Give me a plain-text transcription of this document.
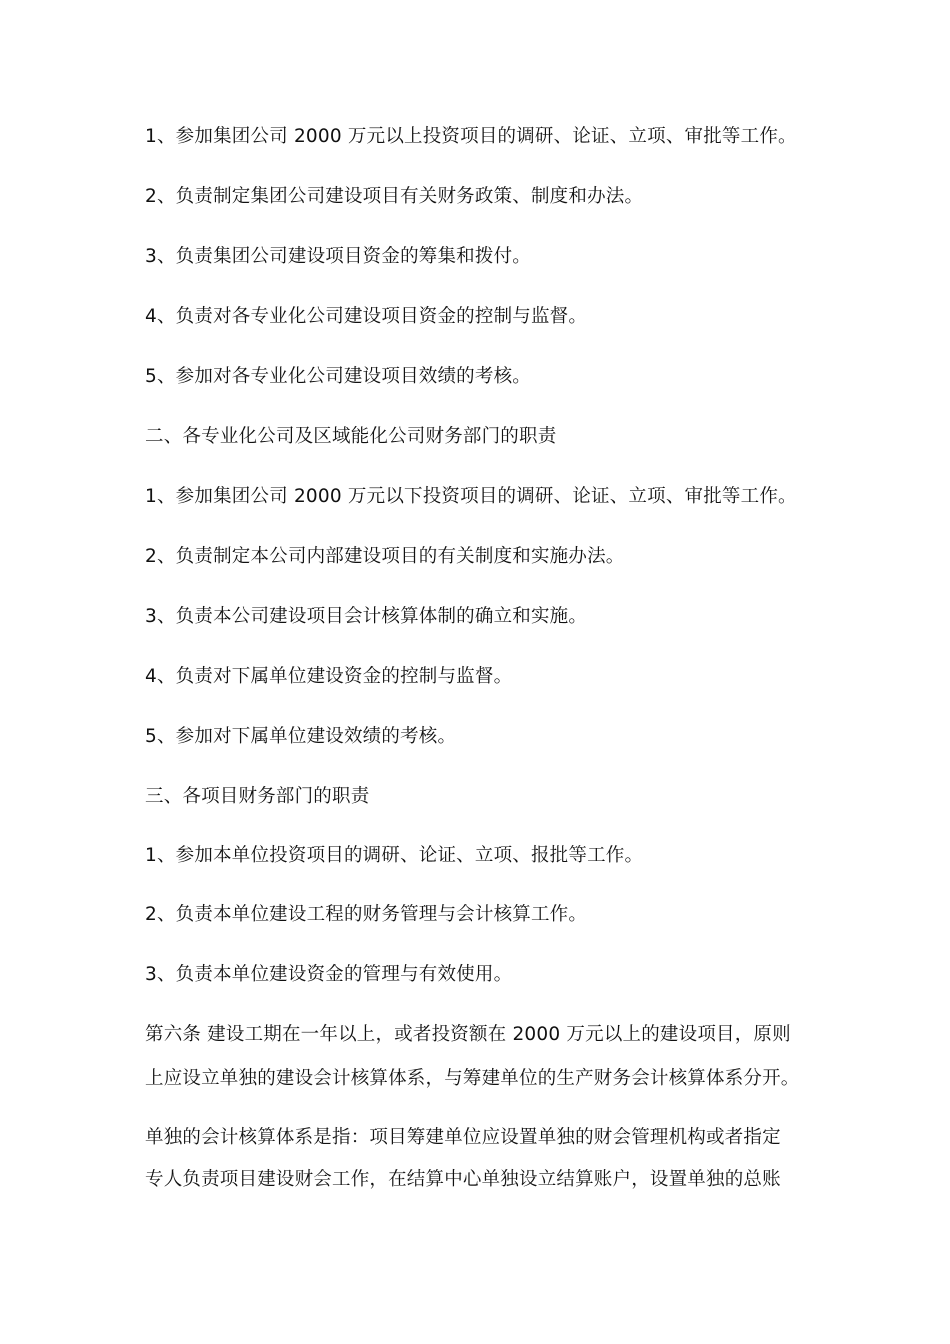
1、参加集团公司 2000 万元以上投资项目的调研、论证、立项、审批等工作。
2、负责制定集团公司建设项目有关财务政策、制度和办法。
3、负责集团公司建设项目资金的筹集和拨付。
4、负责对各专业化公司建设项目资金的控制与监督。
5、参加对各专业化公司建设项目效绩的考核。
二、各专业化公司及区域能化公司财务部门的职责
1、参加集团公司 2000 万元以下投资项目的调研、论证、立项、审批等工作。
2、负责制定本公司内部建设项目的有关制度和实施办法。
3、负责本公司建设项目会计核算体制的确立和实施。
4、负责对下属单位建设资金的控制与监督。
5、参加对下属单位建设效绩的考核。
三、各项目财务部门的职责
1、参加本单位投资项目的调研、论证、立项、报批等工作。
2、负责本单位建设工程的财务管理与会计核算工作。
3、负责本单位建设资金的管理与有效使用。
第六条 建设工期在一年以上，或者投资额在 2000 万元以上的建设项目，原则
上应设立单独的建设会计核算体系，与筹建单位的生产财务会计核算体系分开。
单独的会计核算体系是指：项目筹建单位应设置单独的财会管理机构或者指定
专人负责项目建设财会工作，在结算中心单独设立结算账户，设置单独的总账
